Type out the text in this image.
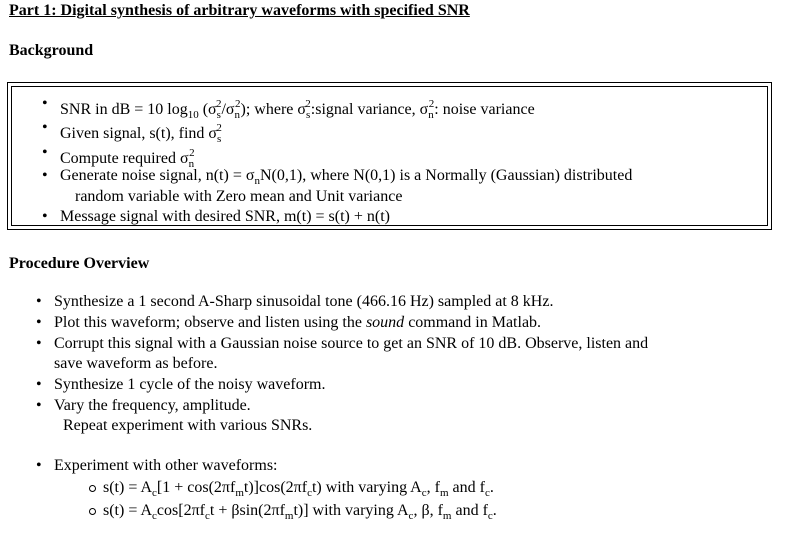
Part 1: Digital synthesis of arbitrary waveforms with specified SNR
Background
• SNR in dB = 10 $\log_{10} (\sigma_s^2/\sigma_n^2)$; where $\sigma_s^2:signal$ variance, $\sigma_n^2$: noise variance
• Given signal, s(t), find $\sigma_s^2$
• Compute required $\sigma_n^2$
• Generate noise signal, $n(t) = \sigma_nN(0,1)$, where N(0,1) is a Normally (Gaussian) distributed
random variable with Zero mean and Unit variance
• Message signal with desired SNR, m(t) = s(t) + n(t)
Procedure Overview
• Synthesize a 1 second A-Sharp sinusoidal tone (466.16 Hz) sampled at 8 kHz.
• Plot this waveform; observe and listen using the sound command in Matlab.
• Corrupt this signal with a Gaussian noise source to get an SNR of 10 dB. Observe, listen and
save waveform as before.
• Synthesize 1 cycle of the noisy waveform.
• Vary the frequency, amplitude.
Repeat experiment with various SNRs.
• Experiment with other waveforms:
$s(t) = A_c[1 + \cos(2\pi f_mt)]\cos(2\pi f_ct)$ with varying $A_c$, $f_m$ and $f_c$.
$s(t) = A_c\cos[2\pi f_ct + \beta\sin(2\pi f_mt)]$ with varying $A_c$, β, $f_m$ and $f_c$.
